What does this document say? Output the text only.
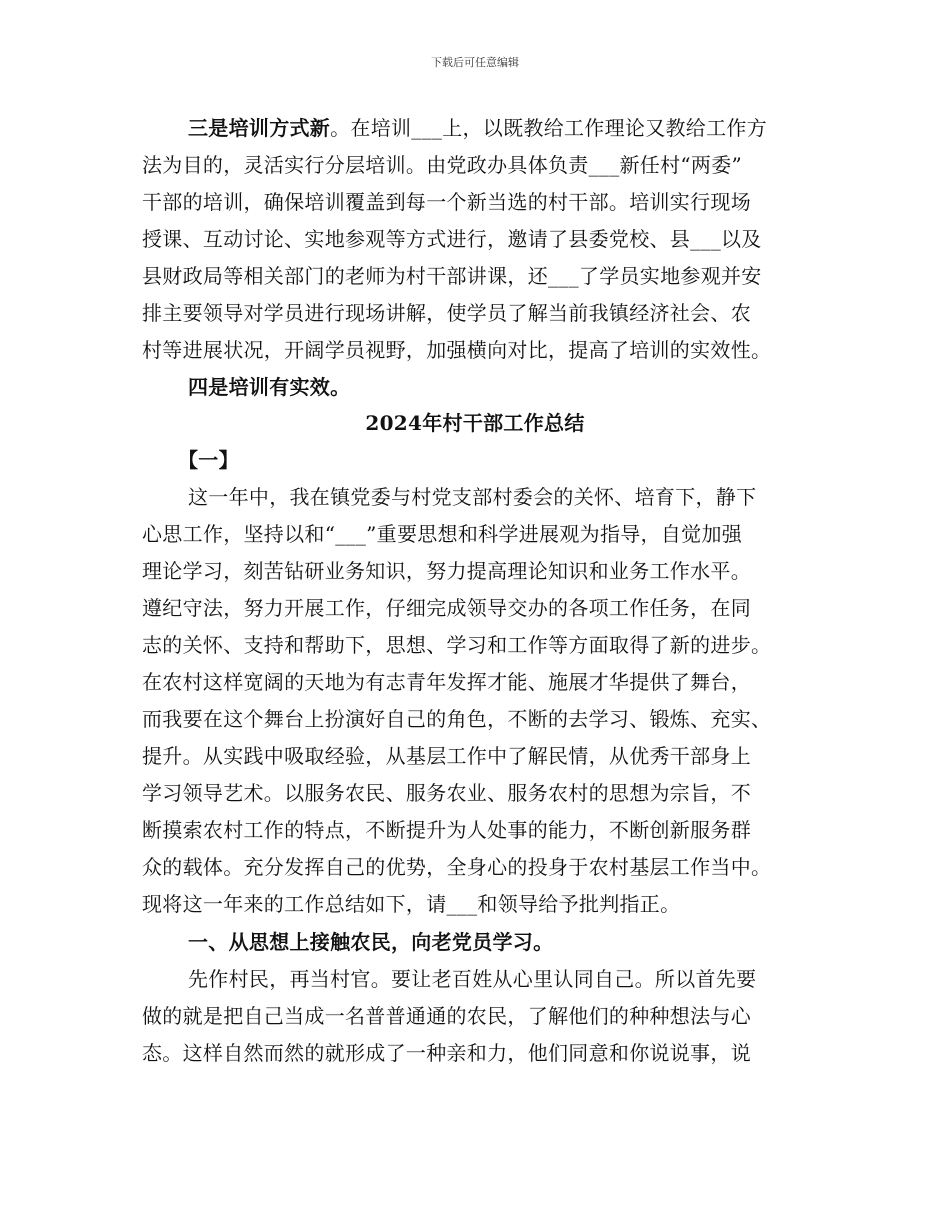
下载后可任意编辑
三是培训方式新。在培训___上，以既教给工作理论又教给工作方
法为目的，灵活实行分层培训。由党政办具体负责___新任村“两委”
干部的培训，确保培训覆盖到每一个新当选的村干部。培训实行现场
授课、互动讨论、实地参观等方式进行，邀请了县委党校、县___以及
县财政局等相关部门的老师为村干部讲课，还___了学员实地参观并安
排主要领导对学员进行现场讲解，使学员了解当前我镇经济社会、农
村等进展状况，开阔学员视野，加强横向对比，提高了培训的实效性。
四是培训有实效。
2024年村干部工作总结
【一】
这一年中，我在镇党委与村党支部村委会的关怀、培育下，静下
心思工作，坚持以和“___”重要思想和科学进展观为指导，自觉加强
理论学习，刻苦钻研业务知识，努力提高理论知识和业务工作水平。
遵纪守法，努力开展工作，仔细完成领导交办的各项工作任务，在同
志的关怀、支持和帮助下，思想、学习和工作等方面取得了新的进步。
在农村这样宽阔的天地为有志青年发挥才能、施展才华提供了舞台，
而我要在这个舞台上扮演好自己的角色，不断的去学习、锻炼、充实、
提升。从实践中吸取经验，从基层工作中了解民情，从优秀干部身上
学习领导艺术。以服务农民、服务农业、服务农村的思想为宗旨，不
断摸索农村工作的特点，不断提升为人处事的能力，不断创新服务群
众的载体。充分发挥自己的优势，全身心的投身于农村基层工作当中。
现将这一年来的工作总结如下，请___和领导给予批判指正。
一、从思想上接触农民，向老党员学习。
先作村民，再当村官。要让老百姓从心里认同自己。所以首先要
做的就是把自己当成一名普普通通的农民，了解他们的种种想法与心
态。这样自然而然的就形成了一种亲和力，他们同意和你说说事，说
